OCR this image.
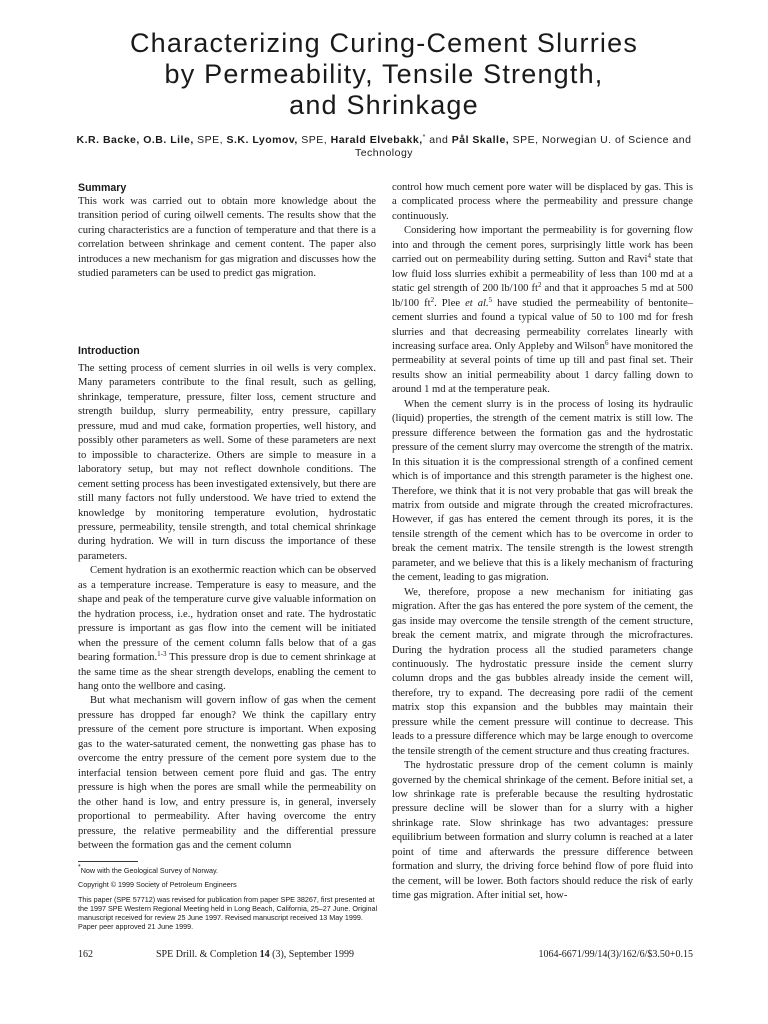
Characterizing Curing-Cement Slurries
by Permeability, Tensile Strength,
and Shrinkage
K.R. Backe, O.B. Lile, SPE, S.K. Lyomov, SPE, Harald Elvebakk,* and Pål Skalle, SPE, Norwegian U. of Science and Technology
Summary

This work was carried out to obtain more knowledge about the transition period of curing oilwell cements. The results show that the curing characteristics are a function of temperature and that there is a correlation between shrinkage and cement content. The paper also introduces a new mechanism for gas migration and discusses how the studied parameters can be used to predict gas migration.

Introduction

The setting process of cement slurries in oil wells is very complex. Many parameters contribute to the final result, such as gelling, shrinkage, temperature, pressure, filter loss, cement structure and strength buildup, slurry permeability, entry pressure, capillary pressure, mud and mud cake, formation properties, well history, and possibly other parameters as well. Some of these parameters are next to impossible to characterize. Others are simple to measure in a laboratory setup, but may not reflect downhole conditions. The cement setting process has been investigated extensively, but there are still many factors not fully understood. We have tried to extend the knowledge by monitoring temperature evolution, hydrostatic pressure, permeability, tensile strength, and total chemical shrinkage during hydration. We will in turn discuss the importance of these parameters.

Cement hydration is an exothermic reaction which can be observed as a temperature increase. Temperature is easy to measure, and the shape and peak of the temperature curve give valuable information on the hydration process, i.e., hydration onset and rate. The hydrostatic pressure is important as gas flow into the cement will be initiated when the pressure of the cement column falls below that of a gas bearing formation.$^{1-3}$ This pressure drop is due to cement shrinkage at the same time as the shear strength develops, enabling the cement to hang onto the wellbore and casing.

But what mechanism will govern inflow of gas when the cement pressure has dropped far enough? We think the capillary entry pressure of the cement pore structure is important. When exposing gas to the water-saturated cement, the nonwetting gas phase has to overcome the entry pressure of the cement pore system due to the interfacial tension between cement pore fluid and gas. The entry pressure is high when the pores are small while the permeability on the other hand is low, and entry pressure is, in general, inversely proportional to permeability. After having overcome the entry pressure, the relative permeability and the differential pressure between the formation gas and the cement column

*Now with the Geological Survey of Norway.

Copyright © 1999 Society of Petroleum Engineers

This paper (SPE 57712) was revised for publication from paper SPE 38267, first presented at the 1997 SPE Western Regional Meeting held in Long Beach, California, 25–27 June. Original manuscript received for review 25 June 1997. Revised manuscript received 13 May 1999. Paper peer approved 21 June 1999.

control how much cement pore water will be displaced by gas. This is a complicated process where the permeability and pressure change continuously.

Considering how important the permeability is for governing flow into and through the cement pores, surprisingly little work has been carried out on permeability during setting. Sutton and Ravi$^4$ state that low fluid loss slurries exhibit a permeability of less than 100 md at a static gel strength of 200 lb/100 $ft^2$ and that it approaches 5 md at 500 lb/100 $ft^2$. Plee et al.$^5$ have studied the permeability of bentonite–cement slurries and found a typical value of 50 to 100 md for fresh slurries and that decreasing permeability correlates linearly with increasing surface area. Only Appleby and Wilson$^6$ have monitored the permeability at several points of time up till and past final set. Their results show an initial permeability about 1 darcy falling down to around 1 md at the temperature peak.

When the cement slurry is in the process of losing its hydraulic (liquid) properties, the strength of the cement matrix is still low. The pressure difference between the formation gas and the hydrostatic pressure of the cement slurry may overcome the strength of the matrix. In this situation it is the compressional strength of a confined cement which is of importance and this strength parameter is the highest one. Therefore, we think that it is not very probable that gas will break the matrix from outside and migrate through the created microfractures. However, if gas has entered the cement through its pores, it is the tensile strength of the cement which has to be overcome in order to break the cement matrix. The tensile strength is the lowest strength parameter, and we believe that this is a likely mechanism of fracturing the cement, leading to gas migration.

We, therefore, propose a new mechanism for initiating gas migration. After the gas has entered the pore system of the cement, the gas inside may overcome the tensile strength of the cement structure, break the cement matrix, and migrate through the microfractures. During the hydration process all the studied parameters change continuously. The hydrostatic pressure inside the cement slurry column drops and the gas bubbles already inside the cement will, therefore, try to expand. The decreasing pore radii of the cement matrix stop this expansion and the bubbles may maintain their pressure while the cement pressure will continue to decrease. This leads to a pressure difference which may be large enough to overcome the tensile strength of the cement structure and thus creating fractures.

The hydrostatic pressure drop of the cement column is mainly governed by the chemical shrinkage of the cement. Before initial set, a low shrinkage rate is preferable because the resulting hydrostatic pressure decline will be slower than for a slurry with a higher shrinkage rate. Slow shrinkage has two advantages: pressure equilibrium between formation and slurry column is reached at a later point of time and afterwards the pressure difference between formation and slurry, the driving force behind flow of pore fluid into the cement, will be lower. Both factors should reduce the risk of early time gas migration. After initial set, how-

162	SPE Drill. & Completion 14 (3), September 1999	1064-6671/99/14(3)/162/6/$3.50+0.15
